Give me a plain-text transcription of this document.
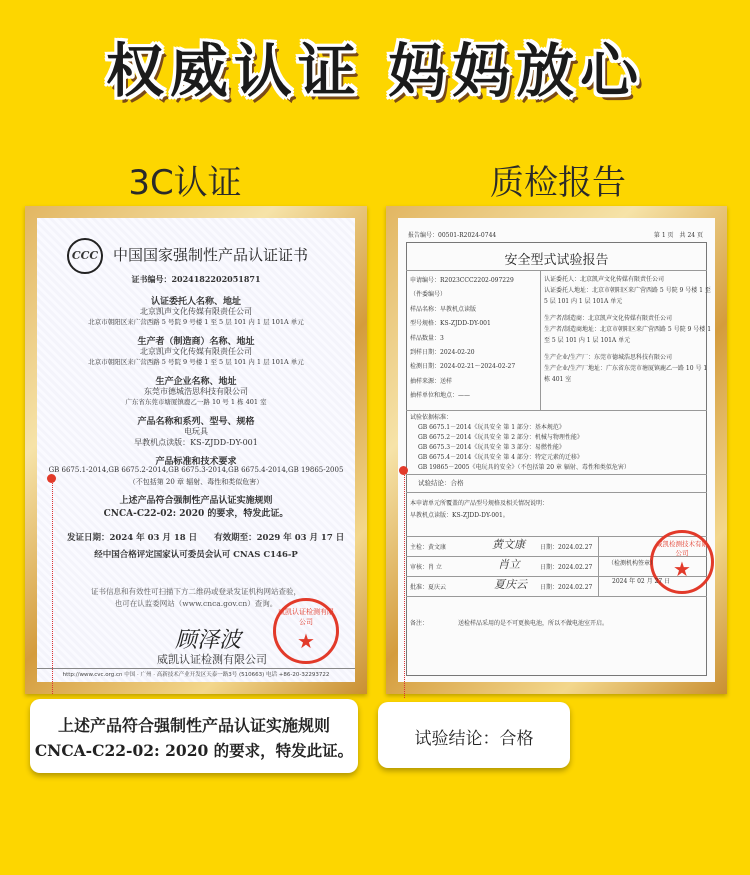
权威认证 妈妈放心
3C认证	质检报告
CCC 中国国家强制性产品认证证书
证书编号：2024182202051871
认证委托人名称、地址
北京凯声文化传媒有限责任公司
北京市朝阳区来广营西路 5 号院 9 号楼 1 至 5 层 101 内 1 层 101A 单元
生产者（制造商）名称、地址
北京凯声文化传媒有限责任公司
北京市朝阳区来广营西路 5 号院 9 号楼 1 至 5 层 101 内 1 层 101A 单元
生产企业名称、地址
东莞市德城浩思科技有限公司
广东省东莞市塘厦镇鹿乙一路 10 号 1 栋 401 室
产品名称和系列、型号、规格
电玩具
早教机点读版：KS-ZJDD-DY-001
产品标准和技术要求
GB 6675.1-2014,GB 6675.2-2014,GB 6675.3-2014,GB 6675.4-2014,GB 19865-2005
（不包括第 20 章 辐射、毒性和类似危害）
上述产品符合强制性产品认证实施规则
CNCA-C22-02: 2020 的要求，特发此证。
发证日期：2024 年 03 月 18 日　　有效期至：2029 年 03 月 17 日
经中国合格评定国家认可委员会认可 CNAS C146-P
证书信息和有效性可扫描下方二维码或登录发证机构网站查验，
也可在认监委网站（www.cnca.gov.cn）查询。
顾泽波
威凯认证检测有限公司
★
威凯认证检测有限公司
http://www.cvc.org.cn 中国 · 广州 · 高新技术产业开发区天泰一路3号 (510663) 电话 +86-20-32293722
上述产品符合强制性产品认证实施规则
CNCA-C22-02: 2020 的要求，特发此证。
报告编号：00501-R2024-0744	第 1 页　共 24 页
安全型式试验报告
申请编号：R2023CCC2202-097229
（件委编号）
样品名称：早教机点读版
型号规格：KS-ZJDD-DY-001
样品数量：3
到样日期：2024-02-20
检测日期：2024-02-21～2024-02-27
抽样来源：送样
抽样单位和地点：——
认证委托人：北京凯声文化传媒有限责任公司
认证委托人地址：北京市朝阳区来广营西路 5 号院 9 号楼 1 至 5 层 101 内 1 层 101A 单元
生产者/制造商：北京凯声文化传媒有限责任公司
生产者/制造商地址：北京市朝阳区来广营西路 5 号院 9 号楼 1 至 5 层 101 内 1 层 101A 单元
生产企业/生产厂：东莞市德城浩思科技有限公司
生产企业/生产厂地址：广东省东莞市塘厦镇鹿乙一路 10 号 1 栋 401 室
试验依据标准：
GB 6675.1－2014《玩具安全 第 1 部分：基本规范》
GB 6675.2－2014《玩具安全 第 2 部分：机械与物理性能》
GB 6675.3－2014《玩具安全 第 3 部分：易燃性能》
GB 6675.4－2014《玩具安全 第 4 部分：特定元素的迁移》
GB 19865－2005《电玩具的安全》（不包括第 20 章 辐射、毒性和类似危害）
试验结论：合格
本申请单元所覆盖的产品型号规格及相关情况说明：
早教机点读版：KS-ZJDD-DY-001。
主检：黄文康	黄文康	日期：2024.02.27
审核：肖 立	肖立	日期：2024.02.27
批准：夏庆云	夏庆云 日期：2024.02.27
威凯检测技术有限公司
★
（检测机构签章）
2024 年 02 月 27 日
备注：	送检样品采用的是不可更换电池，所以不做电池室开启。
试验结论：合格
